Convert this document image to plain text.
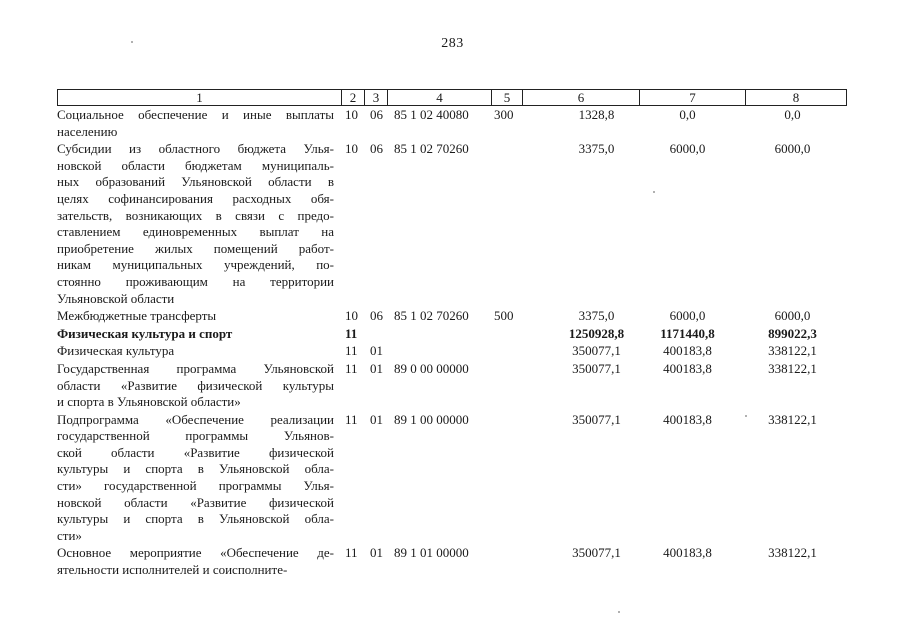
283
1	2	3	4	5	6	7	8
Социальное обеспечение и иные выплаты
населению
10 06 85 1 02 40080 300	1328,8	0,0	0,0
Субсидии из областного бюджета Улья-
новской области бюджетам муниципаль-
ных образований Ульяновской области в
целях софинансирования расходных обя-
зательств, возникающих в связи с предо-
ставлением единовременных выплат на
приобретение жилых помещений работ-
никам муниципальных учреждений, по-
стоянно проживающим на территории
Ульяновской области
10 06 85 1 02 70260	3375,0	6000,0	6000,0
Межбюджетные трансферты	10 06 85 1 02 70260 500	3375,0	6000,0	6000,0
Физическая культура и спорт	11	1250928,8	1171440,8	899022,3
Физическая культура	11 01	350077,1	400183,8	338122,1
Государственная программа Ульяновской
области «Развитие физической культуры
и спорта в Ульяновской области»
11 01 89 0 00 00000	350077,1	400183,8	338122,1
Подпрограмма «Обеспечение реализации
государственной программы Ульянов-
ской области «Развитие физической
культуры и спорта в Ульяновской обла-
сти» государственной программы Улья-
новской области «Развитие физической
культуры и спорта в Ульяновской обла-
сти»
11 01 89 1 00 00000	350077,1	400183,8	338122,1
Основное мероприятие «Обеспечение де-
ятельности исполнителей и соисполните-
11 01 89 1 01 00000	350077,1	400183,8	338122,1
